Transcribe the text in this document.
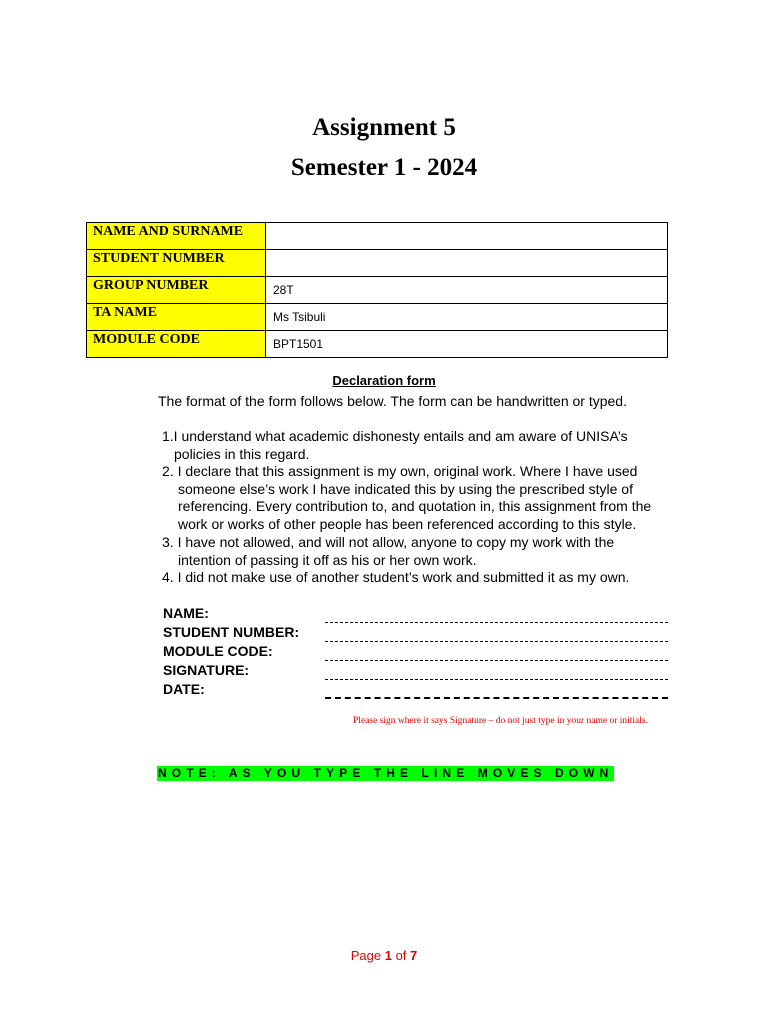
Assignment 5
Semester 1 - 2024
NAME AND SURNAME	
STUDENT NUMBER	
GROUP NUMBER	28T
TA NAME	Ms Tsibuli
MODULE CODE	BPT1501
Declaration form
The format of the form follows below. The form can be handwritten or typed.
1.I understand what academic dishonesty entails and am aware of UNISA’s
policies in this regard.
2. I declare that this assignment is my own, original work. Where I have used
someone else’s work I have indicated this by using the prescribed style of
referencing. Every contribution to, and quotation in, this assignment from the
work or works of other people has been referenced according to this style.
3. I have not allowed, and will not allow, anyone to copy my work with the
intention of passing it off as his or her own work.
4. I did not make use of another student’s work and submitted it as my own.
NAME:
STUDENT NUMBER:
MODULE CODE:
SIGNATURE:
DATE:
Please sign where it says Signature – do not just type in your name or initials.
NOTE: AS YOU TYPE THE LINE MOVES DOWN
Page 1 of 7
